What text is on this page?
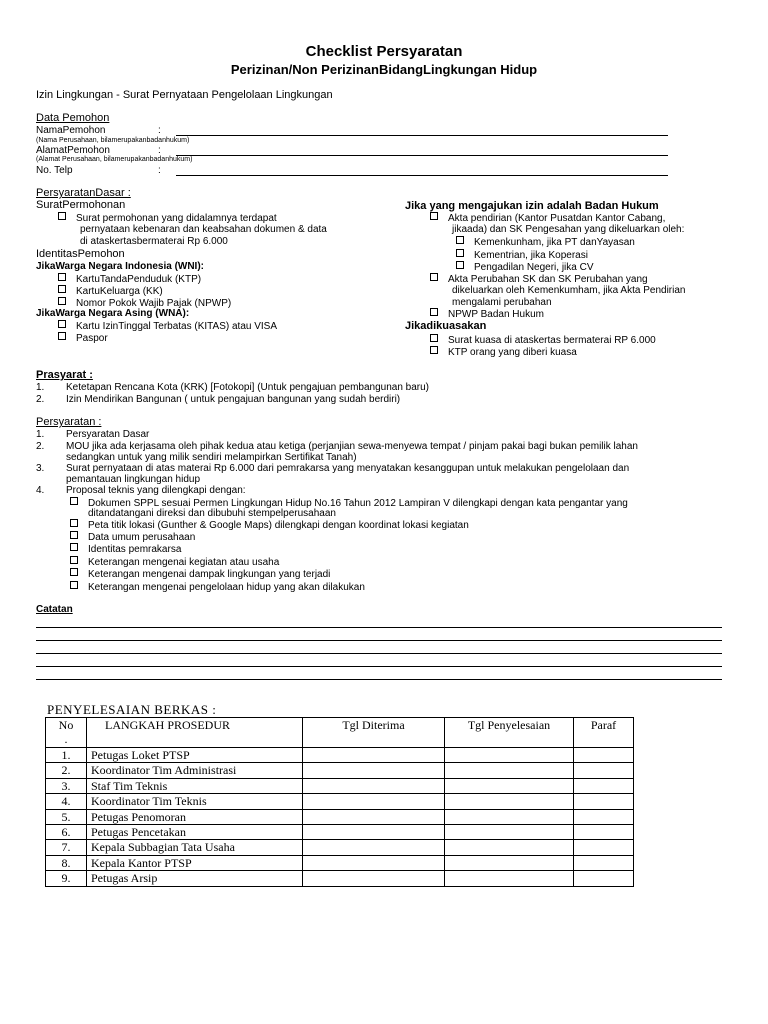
Checklist Persyaratan
Perizinan/Non PerizinanBidangLingkungan Hidup
Izin Lingkungan - Surat Pernyataan Pengelolaan Lingkungan
Data Pemohon
NamaPemohon	:
(Nama Perusahaan, bilamerupakanbadanhukum)
AlamatPemohon	:
(Alamat Perusahaan, bilamerupakanbadanhukum)
No. Telp	:
PersyaratanDasar :
SuratPermohonan
Surat permohonan yang didalamnya terdapat
pernyataan kebenaran dan keabsahan dokumen & data
di ataskertasbermaterai Rp 6.000
IdentitasPemohon
JikaWarga Negara Indonesia (WNI):
KartuTandaPenduduk (KTP)
KartuKeluarga (KK)
Nomor Pokok Wajib Pajak (NPWP)
JikaWarga Negara Asing (WNA):
Kartu IzinTinggal Terbatas (KITAS) atau VISA
Paspor
Jika yang mengajukan izin adalah Badan Hukum
Akta pendirian (Kantor Pusatdan Kantor Cabang,
jikaada) dan SK Pengesahan yang dikeluarkan oleh:
Kemenkunham, jika PT danYayasan
Kementrian, jika Koperasi
Pengadilan Negeri, jika CV
Akta Perubahan SK dan SK Perubahan yang
dikeluarkan oleh Kemenkumham, jika Akta Pendirian
mengalami perubahan
NPWP Badan Hukum
Jikadikuasakan
Surat kuasa di ataskertas bermaterai RP 6.000
KTP orang yang diberi kuasa
Prasyarat :
1. Ketetapan Rencana Kota (KRK) [Fotokopi] (Untuk pengajuan pembangunan baru)
2. Izin Mendirikan Bangunan ( untuk pengajuan bangunan yang sudah berdiri)
Persyaratan :
1. Persyaratan Dasar
2. MOU jika ada kerjasama oleh pihak kedua atau ketiga (perjanjian sewa-menyewa tempat / pinjam pakai bagi bukan pemilik lahan
sedangkan untuk yang milik sendiri melampirkan Sertifikat Tanah)
3. Surat pernyataan di atas materai Rp 6.000 dari pemrakarsa yang menyatakan kesanggupan untuk melakukan pengelolaan dan
pemantauan lingkungan hidup
4. Proposal teknis yang dilengkapi dengan:
Dokumen SPPL sesuai Permen Lingkungan Hidup No.16 Tahun 2012 Lampiran V dilengkapi dengan kata pengantar yang
ditandatangani direksi dan dibubuhi stempelperusahaan
Peta titik lokasi (Gunther & Google Maps) dilengkapi dengan koordinat lokasi kegiatan
Data umum perusahaan
Identitas pemrakarsa
Keterangan mengenai kegiatan atau usaha
Keterangan mengenai dampak lingkungan yang terjadi
Keterangan mengenai pengelolaan hidup yang akan dilakukan
Catatan
PENYELESAIAN BERKAS :
No
.	LANGKAH PROSEDUR	Tgl Diterima	Tgl Penyelesaian	Paraf
1.	Petugas Loket PTSP			
2.	Koordinator Tim Administrasi			
3.	Staf Tim Teknis			
4.	Koordinator Tim Teknis			
5.	Petugas Penomoran			
6.	Petugas Pencetakan			
7.	Kepala Subbagian Tata Usaha			
8.	Kepala Kantor PTSP			
9.	Petugas Arsip			
